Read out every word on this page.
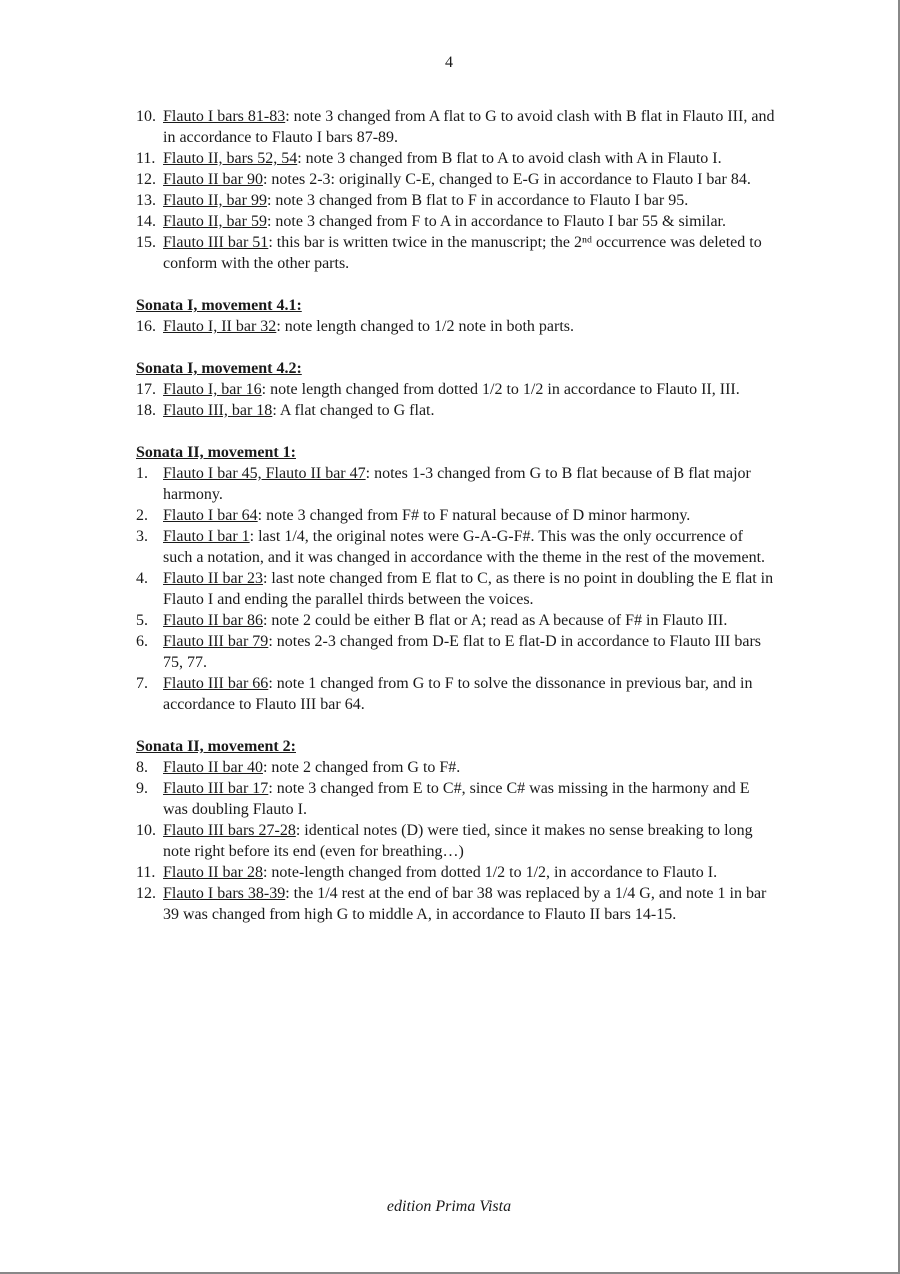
4
10. Flauto I bars 81-83: note 3 changed from A flat to G to avoid clash with B flat in Flauto III, and in accordance to Flauto I bars 87-89.
11. Flauto II, bars 52, 54: note 3 changed from B flat to A to avoid clash with A in Flauto I.
12. Flauto II bar 90: notes 2-3: originally C-E, changed to E-G in accordance to Flauto I bar 84.
13. Flauto II, bar 99: note 3 changed from B flat to F in accordance to Flauto I bar 95.
14. Flauto II, bar 59: note 3 changed from F to A in accordance to Flauto I bar 55 & similar.
15. Flauto III bar 51: this bar is written twice in the manuscript; the 2ⁿᵈ occurrence was deleted to conform with the other parts.

Sonata I, movement 4.1:

16. Flauto I, II bar 32: note length changed to 1/2 note in both parts.

Sonata I, movement 4.2:

17. Flauto I, bar 16: note length changed from dotted 1/2 to 1/2 in accordance to Flauto II, III.
18. Flauto III, bar 18: A flat changed to G flat.

Sonata II, movement 1:

1. Flauto I bar 45, Flauto II bar 47: notes 1-3 changed from G to B flat because of B flat major harmony.
2. Flauto I bar 64: note 3 changed from F# to F natural because of D minor harmony.
3. Flauto I bar 1: last 1/4, the original notes were G-A-G-F#. This was the only occurrence of such a notation, and it was changed in accordance with the theme in the rest of the movement.
4. Flauto II bar 23: last note changed from E flat to C, as there is no point in doubling the E flat in Flauto I and ending the parallel thirds between the voices.
5. Flauto II bar 86: note 2 could be either B flat or A; read as A because of F# in Flauto III.
6. Flauto III bar 79: notes 2-3 changed from D-E flat to E flat-D in accordance to Flauto III bars 75, 77.
7. Flauto III bar 66: note 1 changed from G to F to solve the dissonance in previous bar, and in accordance to Flauto III bar 64.

Sonata II, movement 2:

8. Flauto II bar 40: note 2 changed from G to F#.
9. Flauto III bar 17: note 3 changed from E to C#, since C# was missing in the harmony and E was doubling Flauto I.
10. Flauto III bars 27-28: identical notes (D) were tied, since it makes no sense breaking to long note right before its end (even for breathing…)
11. Flauto II bar 28: note-length changed from dotted 1/2 to 1/2, in accordance to Flauto I.
12. Flauto I bars 38-39: the 1/4 rest at the end of bar 38 was replaced by a 1/4 G, and note 1 in bar 39 was changed from high G to middle A, in accordance to Flauto II bars 14-15.
edition Prima Vista
